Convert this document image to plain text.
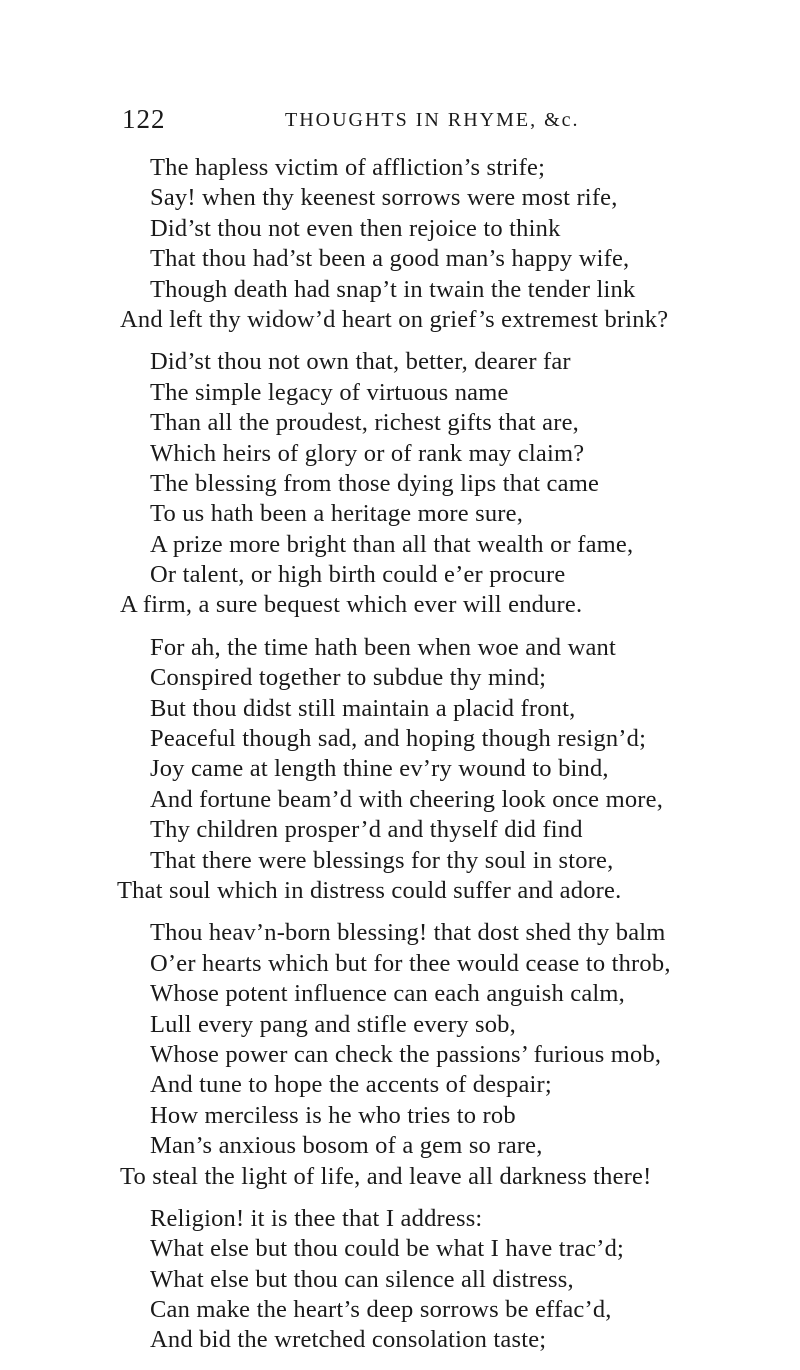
122	THOUGHTS IN RHYME, &c.
The hapless victim of affliction’s strife;
Say! when thy keenest sorrows were most rife,
Did’st thou not even then rejoice to think
That thou had’st been a good man’s happy wife,
Though death had snap’t in twain the tender link
And left thy widow’d heart on grief’s extremest brink?
Did’st thou not own that, better, dearer far
The simple legacy of virtuous name
Than all the proudest, richest gifts that are,
Which heirs of glory or of rank may claim?
The blessing from those dying lips that came
To us hath been a heritage more sure,
A prize more bright than all that wealth or fame,
Or talent, or high birth could e’er procure
A firm, a sure bequest which ever will endure.
For ah, the time hath been when woe and want
Conspired together to subdue thy mind;
But thou didst still maintain a placid front,
Peaceful though sad, and hoping though resign’d;
Joy came at length thine ev’ry wound to bind,
And fortune beam’d with cheering look once more,
Thy children prosper’d and thyself did find
That there were blessings for thy soul in store,
That soul which in distress could suffer and adore.
Thou heav’n-born blessing! that dost shed thy balm
O’er hearts which but for thee would cease to throb,
Whose potent influence can each anguish calm,
Lull every pang and stifle every sob,
Whose power can check the passions’ furious mob,
And tune to hope the accents of despair;
How merciless is he who tries to rob
Man’s anxious bosom of a gem so rare,
To steal the light of life, and leave all darkness there!
Religion! it is thee that I address:
What else but thou could be what I have trac’d;
What else but thou can silence all distress,
Can make the heart’s deep sorrows be effac’d,
And bid the wretched consolation taste;
